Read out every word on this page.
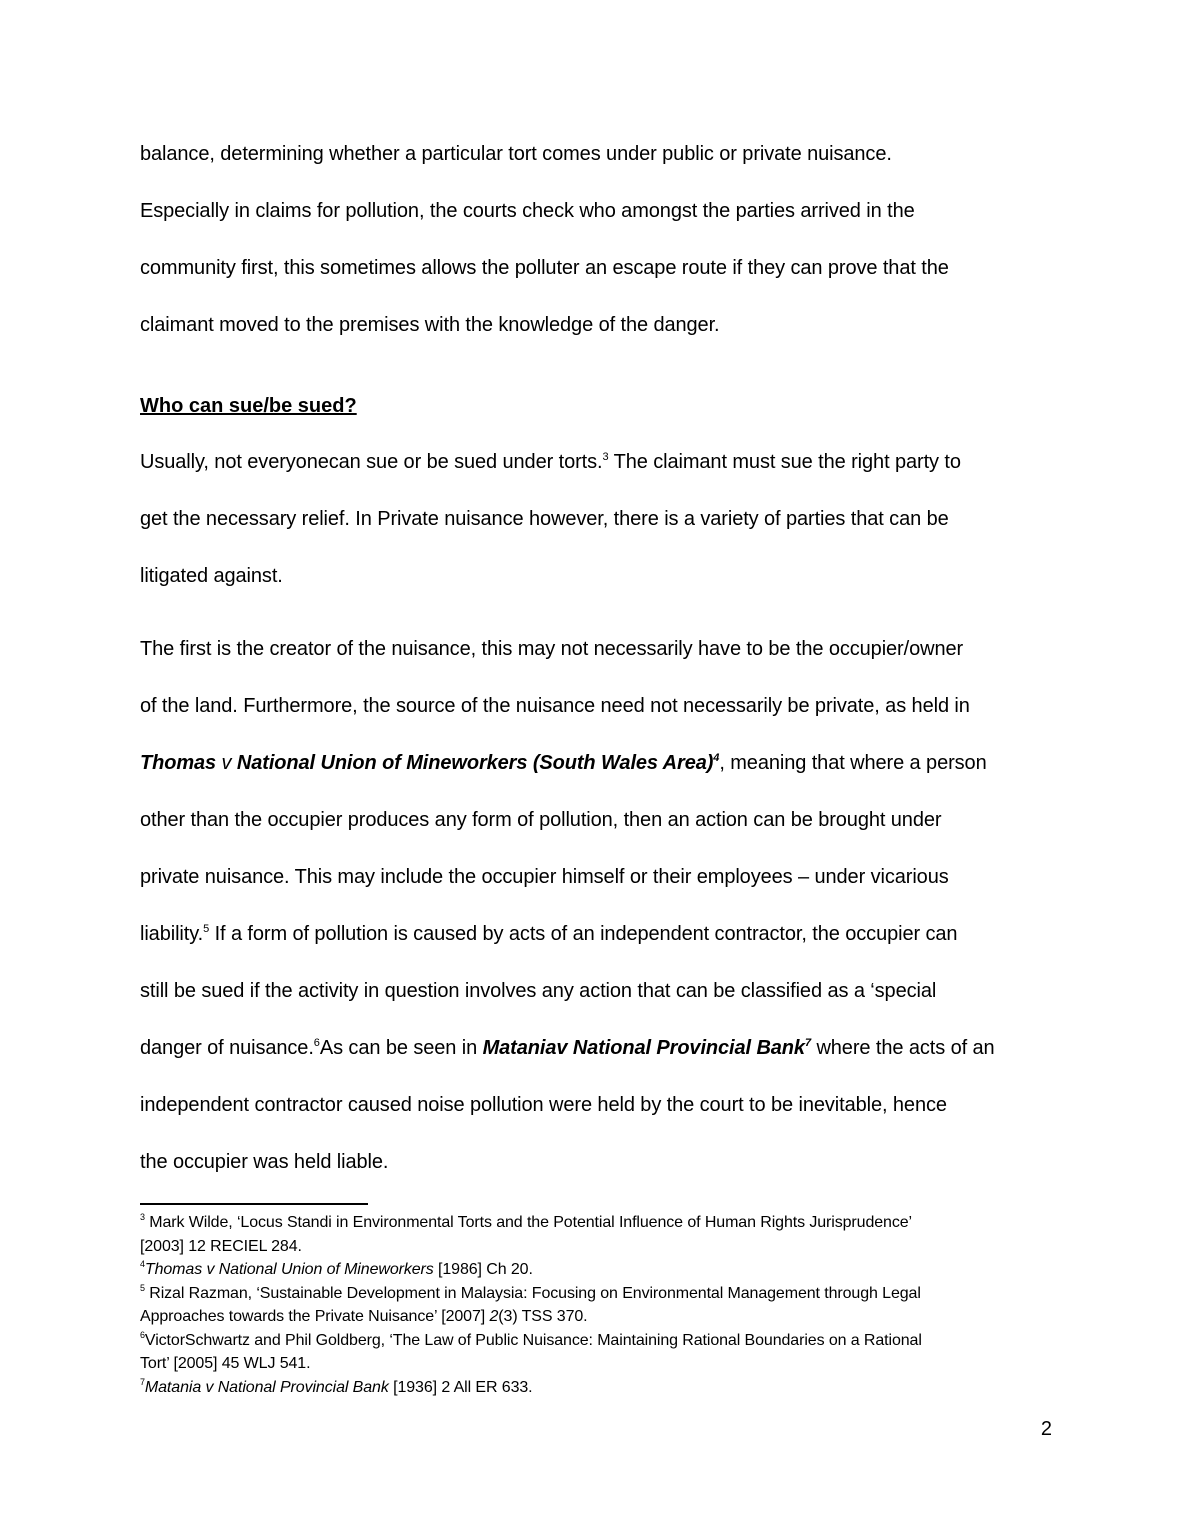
balance, determining whether a particular tort comes under public or private nuisance.
Especially in claims for pollution, the courts check who amongst the parties arrived in the
community first, this sometimes allows the polluter an escape route if they can prove that the
claimant moved to the premises with the knowledge of the danger.
Who can sue/be sued?
Usually, not everyonecan sue or be sued under torts.$^3$ The claimant must sue the right party to
get the necessary relief. In Private nuisance however, there is a variety of parties that can be
litigated against.
The first is the creator of the nuisance, this may not necessarily have to be the occupier/owner
of the land. Furthermore, the source of the nuisance need not necessarily be private, as held in
Thomas v National Union of Mineworkers (South Wales Area)$^4$, meaning that where a person
other than the occupier produces any form of pollution, then an action can be brought under
private nuisance. This may include the occupier himself or their employees – under vicarious
liability.$^5$ If a form of pollution is caused by acts of an independent contractor, the occupier can
still be sued if the activity in question involves any action that can be classified as a ‘special
danger of nuisance.$^6$As can be seen in Mataniav National Provincial Bank$^7$ where the acts of an
independent contractor caused noise pollution were held by the court to be inevitable, hence
the occupier was held liable.
$^3$ Mark Wilde, ‘Locus Standi in Environmental Torts and the Potential Influence of Human Rights Jurisprudence’
[2003] 12 RECIEL 284.
$^4$Thomas v National Union of Mineworkers [1986] Ch 20.
$^5$ Rizal Razman, ‘Sustainable Development in Malaysia: Focusing on Environmental Management through Legal
Approaches towards the Private Nuisance’ [2007] 2(3) TSS 370.
$^6$VictorSchwartz and Phil Goldberg, ‘The Law of Public Nuisance: Maintaining Rational Boundaries on a Rational
Tort’ [2005] 45 WLJ 541.
$^7$Matania v National Provincial Bank [1936] 2 All ER 633.
2
